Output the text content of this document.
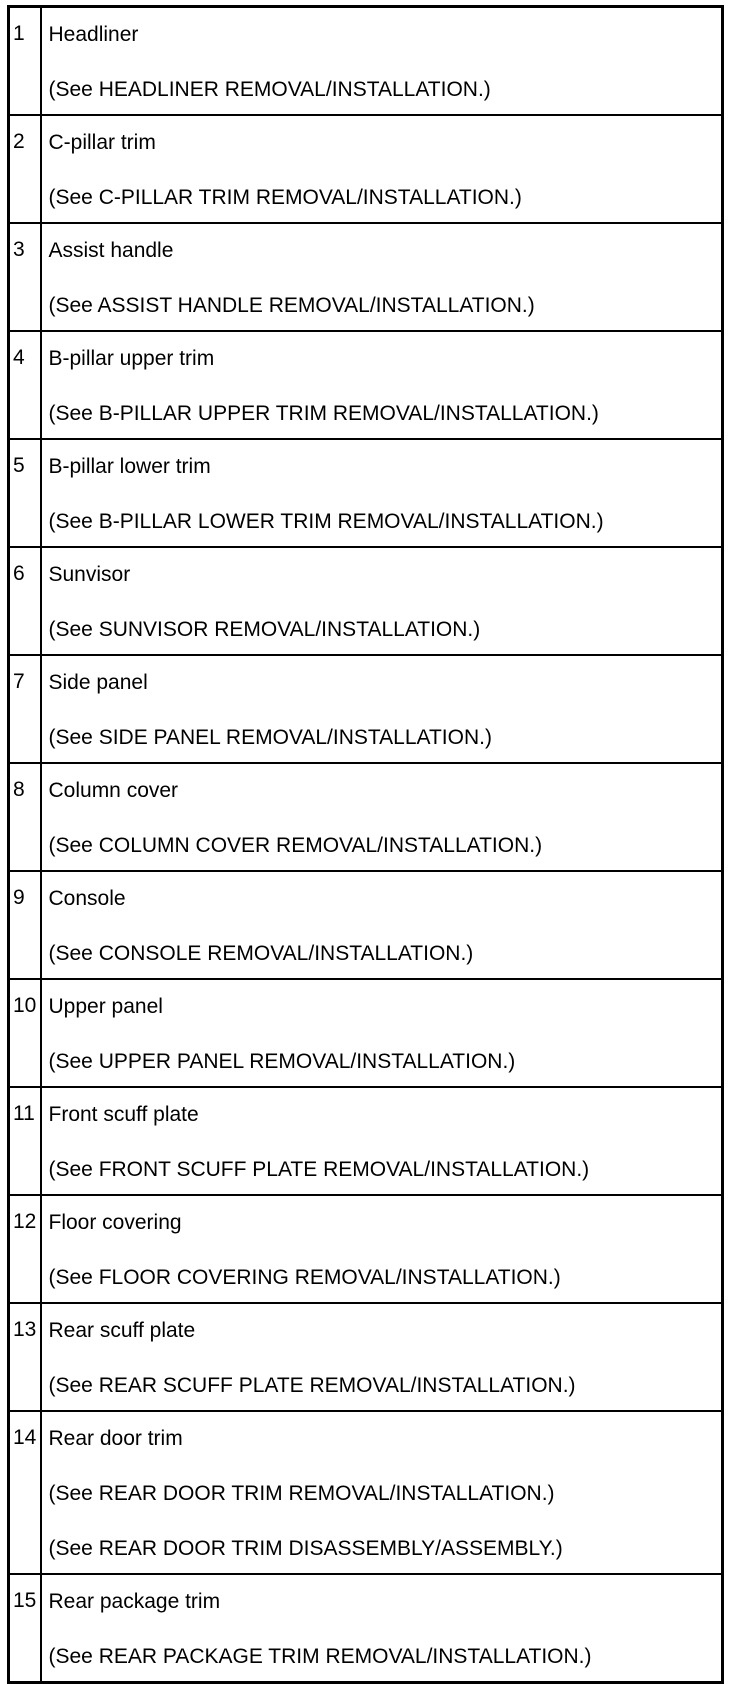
1	Headliner
(See HEADLINER REMOVAL/INSTALLATION.)

2	C-pillar trim
(See C-PILLAR TRIM REMOVAL/INSTALLATION.)

3	Assist handle
(See ASSIST HANDLE REMOVAL/INSTALLATION.)

4	B-pillar upper trim
(See B-PILLAR UPPER TRIM REMOVAL/INSTALLATION.)

5	B-pillar lower trim
(See B-PILLAR LOWER TRIM REMOVAL/INSTALLATION.)

6	Sunvisor
(See SUNVISOR REMOVAL/INSTALLATION.)

7	Side panel
(See SIDE PANEL REMOVAL/INSTALLATION.)

8	Column cover
(See COLUMN COVER REMOVAL/INSTALLATION.)

9	Console
(See CONSOLE REMOVAL/INSTALLATION.)

10	Upper panel
(See UPPER PANEL REMOVAL/INSTALLATION.)

11	Front scuff plate
(See FRONT SCUFF PLATE REMOVAL/INSTALLATION.)

12	Floor covering
(See FLOOR COVERING REMOVAL/INSTALLATION.)

13	Rear scuff plate
(See REAR SCUFF PLATE REMOVAL/INSTALLATION.)

14	Rear door trim
(See REAR DOOR TRIM REMOVAL/INSTALLATION.)
(See REAR DOOR TRIM DISASSEMBLY/ASSEMBLY.)

15	Rear package trim
(See REAR PACKAGE TRIM REMOVAL/INSTALLATION.)
